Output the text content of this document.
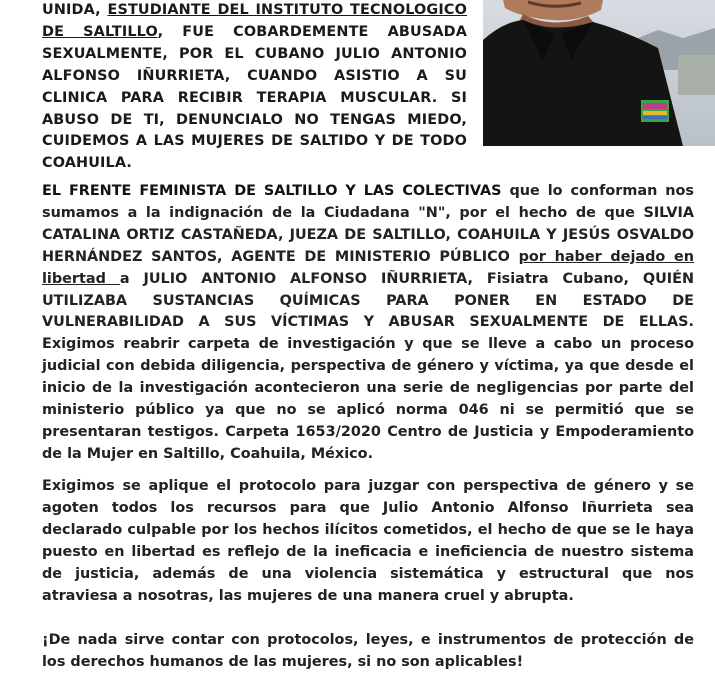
UNIDA, ESTUDIANTE DEL INSTITUTO TECNOLOGICO DE SALTILLO, FUE COBARDEMENTE ABUSADA SEXUALMENTE, POR EL CUBANO JULIO ANTONIO ALFONSO IÑURRIETA, CUANDO ASISTIO A SU CLINICA PARA RECIBIR TERAPIA MUSCULAR. SI ABUSO DE TI, DENUNCIALO NO TENGAS MIEDO, CUIDEMOS A LAS MUJERES DE SALTIDO Y DE TODO COAHUILA.
EL FRENTE FEMINISTA DE SALTILLO Y LAS COLECTIVAS que lo conforman nos sumamos a la indignación de la Ciudadana "N", por el hecho de que SILVIA CATALINA ORTIZ CASTAÑEDA, JUEZA DE SALTILLO, COAHUILA Y JESÚS OSVALDO HERNÁNDEZ SANTOS, AGENTE DE MINISTERIO PÚBLICO por haber dejado en libertad a JULIO ANTONIO ALFONSO IÑURRIETA, Fisiatra Cubano, QUIÉN UTILIZABA SUSTANCIAS QUÍMICAS PARA PONER EN ESTADO DE VULNERABILIDAD A SUS VÍCTIMAS Y ABUSAR SEXUALMENTE DE ELLAS. Exigimos reabrir carpeta de investigación y que se lleve a cabo un proceso judicial con debida diligencia, perspectiva de género y víctima, ya que desde el inicio de la investigación acontecieron una serie de negligencias por parte del ministerio público ya que no se aplicó norma 046 ni se permitió que se presentaran testigos. Carpeta 1653/2020 Centro de Justicia y Empoderamiento de la Mujer en Saltillo, Coahuila, México.
Exigimos se aplique el protocolo para juzgar con perspectiva de género y se agoten todos los recursos para que Julio Antonio Alfonso Iñurrieta sea declarado culpable por los hechos ilícitos cometidos, el hecho de que se le haya puesto en libertad es reflejo de la ineficacia e ineficiencia de nuestro sistema de justicia, además de una violencia sistemática y estructural que nos atraviesa a nosotras, las mujeres de una manera cruel y abrupta.
¡De nada sirve contar con protocolos, leyes, e instrumentos de protección de los derechos humanos de las mujeres, si no son aplicables!
